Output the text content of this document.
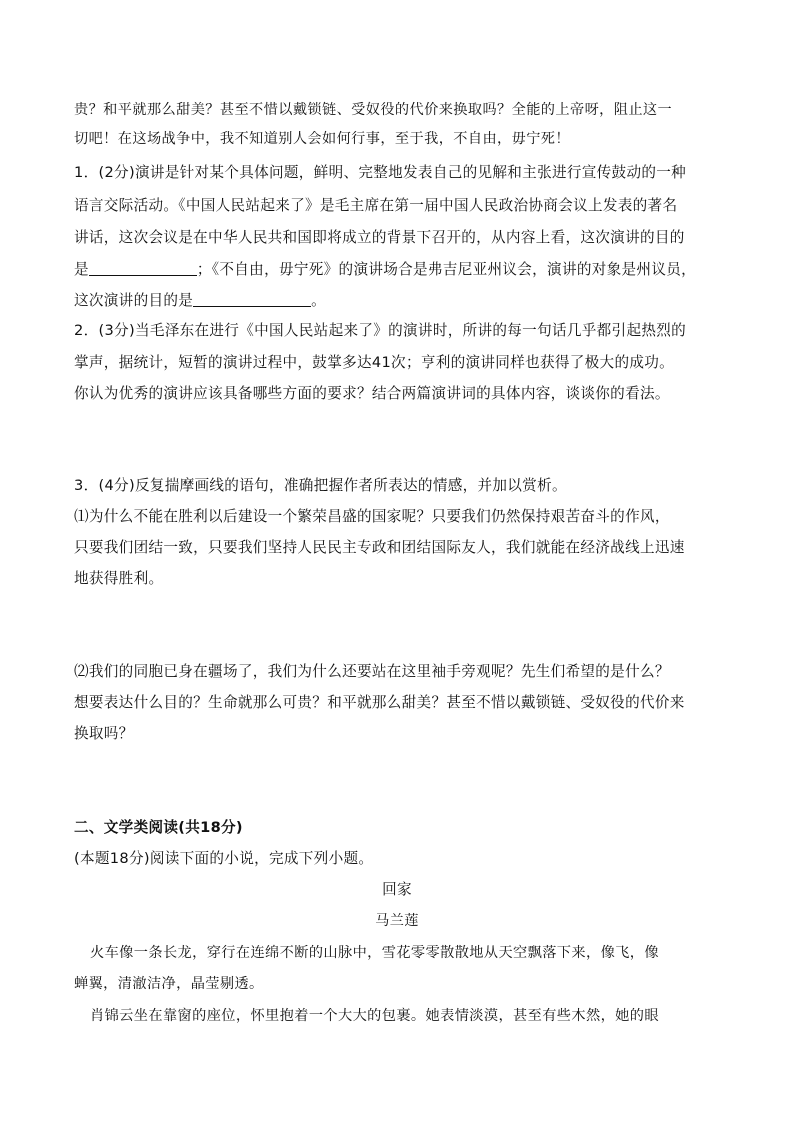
贵？和平就那么甜美？甚至不惜以戴锁链、受奴役的代价来换取吗？全能的上帝呀，阻止这一
切吧！在这场战争中，我不知道别人会如何行事，至于我，不自由，毋宁死！
1．(2分)演讲是针对某个具体问题，鲜明、完整地发表自己的见解和主张进行宣传鼓动的一种
语言交际活动。《中国人民站起来了》是毛主席在第一届中国人民政治协商会议上发表的著名
讲话，这次会议是在中华人民共和国即将成立的背景下召开的，从内容上看，这次演讲的目的
是	；《不自由，毋宁死》的演讲场合是弗吉尼亚州议会，演讲的对象是州议员，
这次演讲的目的是	。
2．(3分)当毛泽东在进行《中国人民站起来了》的演讲时，所讲的每一句话几乎都引起热烈的
掌声，据统计，短暂的演讲过程中，鼓掌多达41次；亨利的演讲同样也获得了极大的成功。
你认为优秀的演讲应该具备哪些方面的要求？结合两篇演讲词的具体内容，谈谈你的看法。
3．(4分)反复揣摩画线的语句，准确把握作者所表达的情感，并加以赏析。
⑴为什么不能在胜利以后建设一个繁荣昌盛的国家呢？只要我们仍然保持艰苦奋斗的作风，
只要我们团结一致，只要我们坚持人民民主专政和团结国际友人，我们就能在经济战线上迅速
地获得胜利。
⑵我们的同胞已身在疆场了，我们为什么还要站在这里袖手旁观呢？先生们希望的是什么？
想要表达什么目的？生命就那么可贵？和平就那么甜美？甚至不惜以戴锁链、受奴役的代价来
换取吗？
二、文学类阅读(共18分)
(本题18分)阅读下面的小说，完成下列小题。
回家
马兰莲
火车像一条长龙，穿行在连绵不断的山脉中，雪花零零散散地从天空飘落下来，像飞，像
蝉翼，清澈洁净，晶莹剔透。
肖锦云坐在靠窗的座位，怀里抱着一个大大的包裹。她表情淡漠，甚至有些木然，她的眼
